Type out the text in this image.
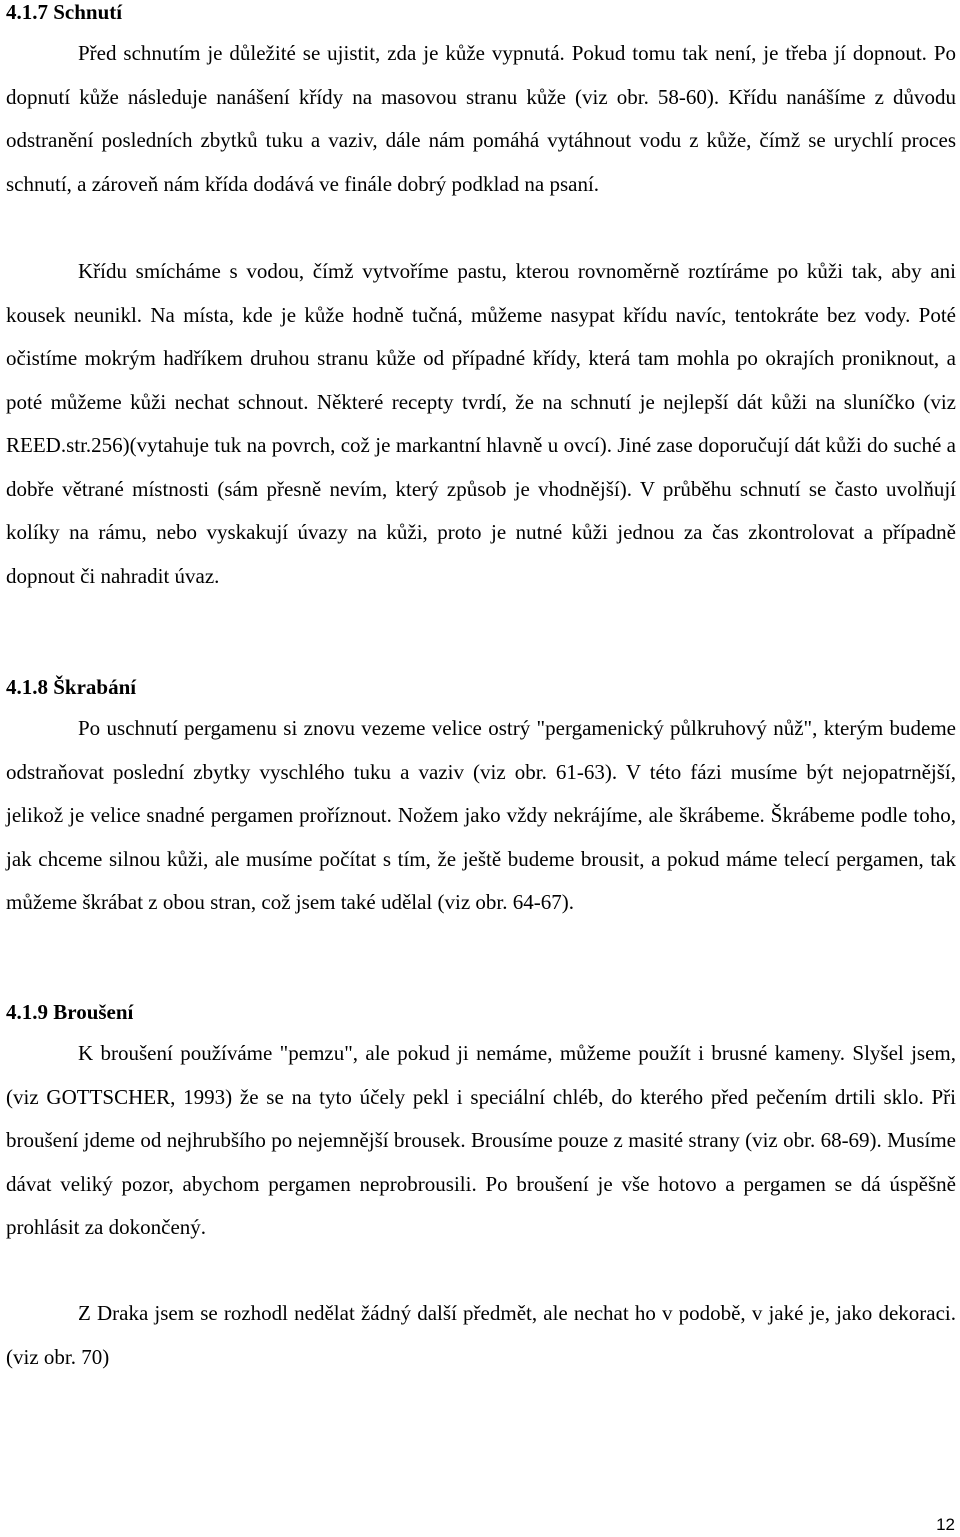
4.1.7 Schnutí

Před schnutím je důležité se ujistit, zda je kůže vypnutá. Pokud tomu tak není, je třeba jí dopnout. Po dopnutí kůže následuje nanášení křídy na masovou stranu kůže (viz obr. 58-60). Křídu nanášíme z důvodu odstranění posledních zbytků tuku a vaziv, dále nám pomáhá vytáhnout vodu z kůže, čímž se urychlí proces schnutí, a zároveň nám křída dodává ve finále dobrý podklad na psaní.

Křídu smícháme s vodou, čímž vytvoříme pastu, kterou rovnoměrně roztíráme po kůži tak, aby ani kousek neunikl. Na místa, kde je kůže hodně tučná, můžeme nasypat křídu navíc, tentokráte bez vody. Poté očistíme mokrým hadříkem druhou stranu kůže od případné křídy, která tam mohla po okrajích proniknout, a poté můžeme kůži nechat schnout. Některé recepty tvrdí, že na schnutí je nejlepší dát kůži na sluníčko (viz REED.str.256)(vytahuje tuk na povrch, což je markantní hlavně u ovcí). Jiné zase doporučují dát kůži do suché a dobře větrané místnosti (sám přesně nevím, který způsob je vhodnější). V průběhu schnutí se často uvolňují kolíky na rámu, nebo vyskakují úvazy na kůži, proto je nutné kůži jednou za čas zkontrolovat a případně dopnout či nahradit úvaz.

4.1.8 Škrabání

Po uschnutí pergamenu si znovu vezeme velice ostrý "pergamenický půlkruhový nůž", kterým budeme odstraňovat poslední zbytky vyschlého tuku a vaziv (viz obr. 61-63). V této fázi musíme být nejopatrnější, jelikož je velice snadné pergamen proříznout. Nožem jako vždy nekrájíme, ale škrábeme. Škrábeme podle toho, jak chceme silnou kůži, ale musíme počítat s tím, že ještě budeme brousit, a pokud máme telecí pergamen, tak můžeme škrábat z obou stran, což jsem také udělal (viz obr. 64-67).

4.1.9 Broušení

K broušení používáme "pemzu", ale pokud ji nemáme, můžeme použít i brusné kameny. Slyšel jsem, (viz GOTTSCHER, 1993) že se na tyto účely pekl i speciální chléb, do kterého před pečením drtili sklo. Při broušení jdeme od nejhrubšího po nejemnější brousek. Brousíme pouze z masité strany (viz obr. 68-69). Musíme dávat veliký pozor, abychom pergamen neprobrousili. Po broušení je vše hotovo a pergamen se dá úspěšně prohlásit za dokončený.

Z Draka jsem se rozhodl nedělat žádný další předmět, ale nechat ho v podobě, v jaké je, jako dekoraci.(viz obr. 70)

12
